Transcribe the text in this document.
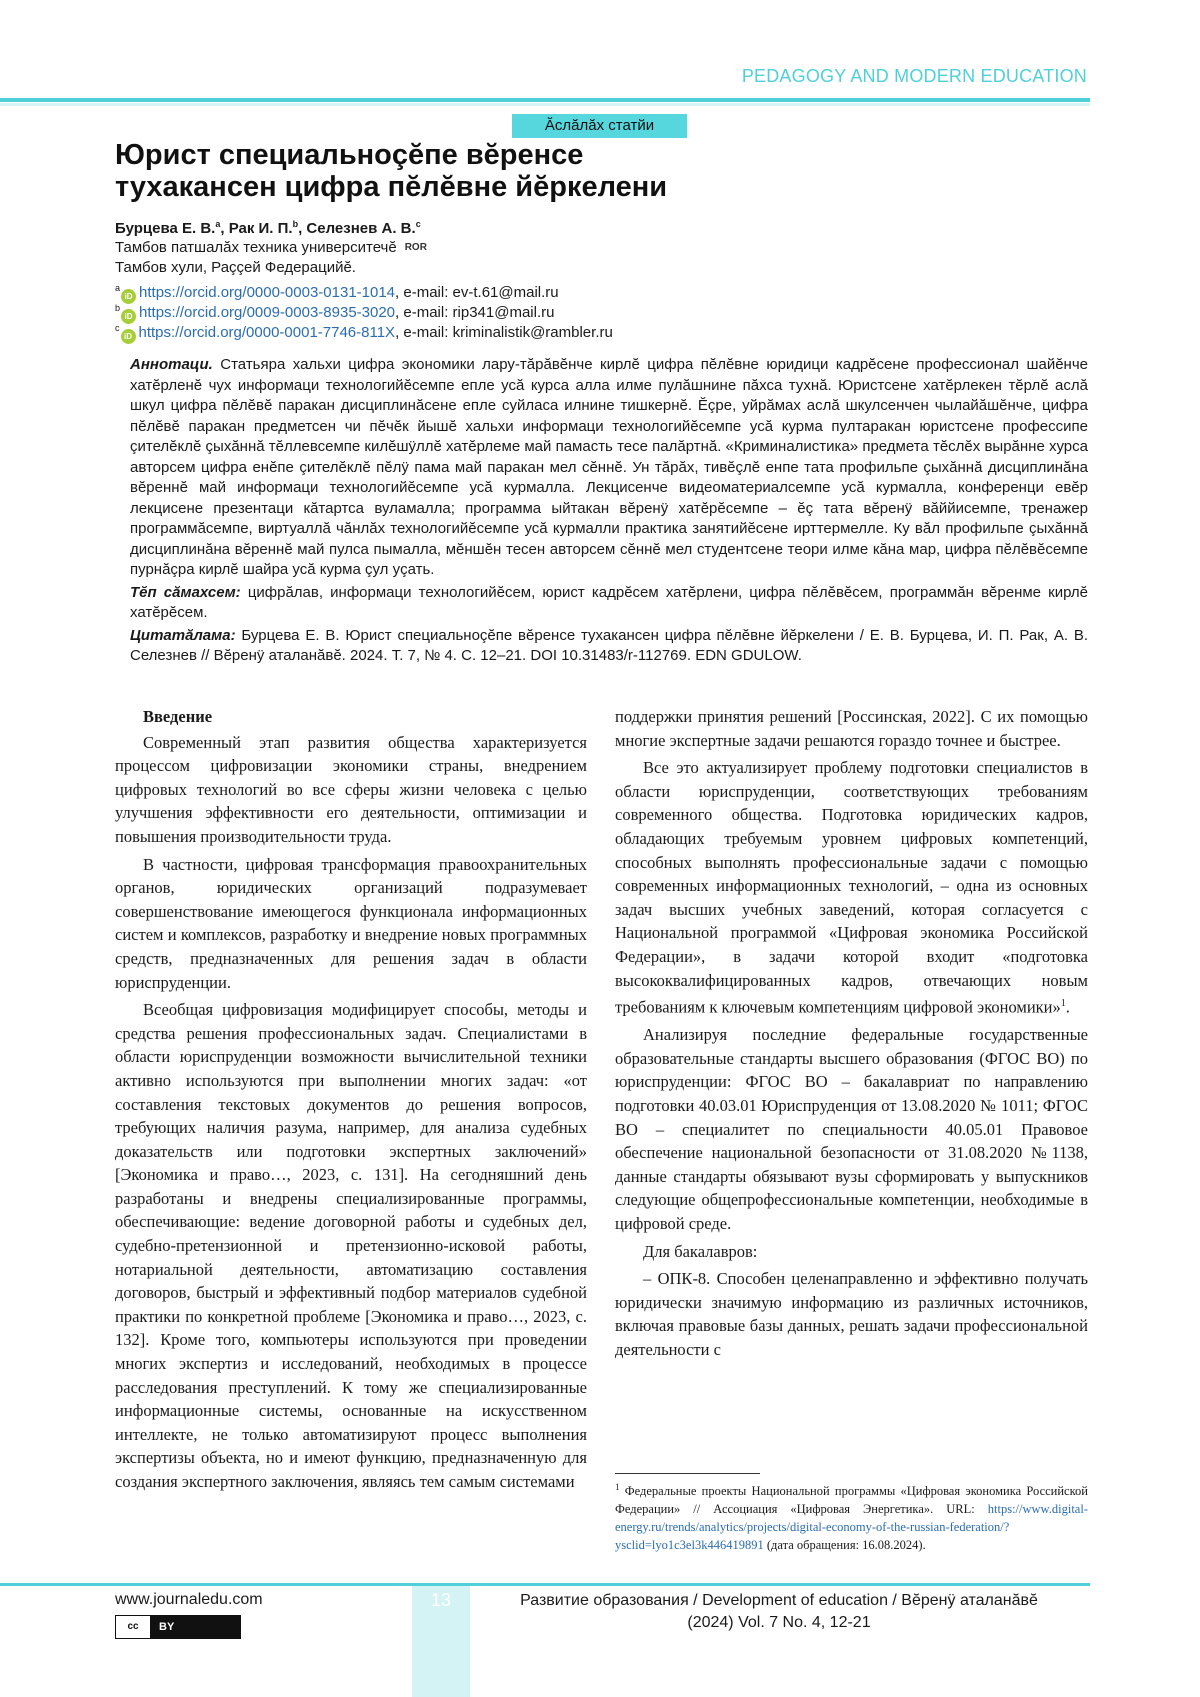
PEDAGOGY AND MODERN EDUCATION
Ăслăлăх статйи
Юрист специальноçĕпе вĕренсе
тухакансен цифра пĕлĕвне йĕркелени
Бурцева Е. В.a, Рак И. П.b, Селезнев А. В.c
Тамбов патшалăх техника университечĕ ROR
Тамбов хули, Раççей Федерацийĕ.
aiD https://orcid.org/0000-0003-0131-1014, e-mail: ev-t.61@mail.ru
biD https://orcid.org/0009-0003-8935-3020, e-mail: rip341@mail.ru
ciD https://orcid.org/0000-0001-7746-811X, e-mail: kriminalistik@rambler.ru

Аннотаци. Статьяра хальхи цифра экономики лару-тăрăвĕнче кирлĕ цифра пĕлĕвне юридици кадрĕсене профессионал шайĕнче хатĕрленĕ чух информаци технологийĕсемпе епле усă курса алла илме пулăшнине пăхса тухнă. Юристсене хатĕрлекен тĕрлĕ аслă шкул цифра пĕлĕвĕ паракан дисциплинăсене епле суйласа илнине тишкернĕ. Ĕçре, уйрăмах аслă шкулсенчен чылайăшĕнче, цифра пĕлĕвĕ паракан предметсен чи пĕчĕк йышĕ хальхи информаци технологийĕсемпе усă курма пултаракан юристсене професси­пе çителĕклĕ çыхăннă тĕллевсемпе килĕшÿллĕ хатĕрлеме май памасть тесе палăртнă. «Криминалистика» предмета тĕслĕх вырăнне хурса авторсем цифра енĕпе çителĕклĕ пĕлÿ пама май паракан мел сĕннĕ. Ун тăрăх, тивĕçлĕ енпе тата профильпе çыхăннă дисциплинăна вĕреннĕ май информаци технологийĕсемпе усă курмалла. Лекцисенче видеоматериалсемпе усă курмалла, конференци евĕр лекцисене презентаци кăтартса вуламалла; программа ыйтакан вĕренÿ хатĕрĕсемпе – ĕç тата вĕренÿ вăййисемпе, тренажер программăсемпе, виртуаллă чăнлăх технологийĕсемпе усă курмалли практика занятийĕсене ирттермелле. Ку вăл профильпе çыхăннă дисциплинăна вĕреннĕ май пулса пымалла, мĕншĕн тесен авторсем сĕннĕ мел студентсене теори илме кăна мар, цифра пĕлĕвĕсемпе пурнăçра кирлĕ шайра усă курма çул уçать.

Тĕп сăмахсем: цифрăлав, информаци технологийĕсем, юрист кадрĕсем хатĕрлени, цифра пĕлĕвĕсем, программăн вĕренме кирлĕ хатĕрĕсем.

Цитатăлама: Бурцева Е. В. Юрист специальноçĕпе вĕренсе тухакансен цифра пĕлĕвне йĕркелени / Е. В. Бурцева, И. П. Рак, А. В. Селезнев // Вĕренÿ аталанăвĕ. 2024. Т. 7, № 4. С. 12–21. DOI 10.31483/r-112769. EDN GDULOW.

Введение

Современный этап развития общества характеризуется процессом цифровизации экономики страны, внедрением цифровых технологий во все сферы жизни человека с целью улучшения эффективности его деятельности, оптимизации и повышения производительности труда.

В частности, цифровая трансформация правоохранительных органов, юридических организаций подразумевает совершенствование имеющегося функционала информационных систем и комплексов, разработку и внедрение новых программных средств, предназначенных для решения задач в области юриспруденции.

Всеобщая цифровизация модифицирует способы, методы и средства решения профессиональных задач. Специалистами в области юриспруденции возможности вычислительной техники активно используются при выполнении многих задач: «от составления текстовых документов до решения вопросов, требующих наличия разума, например, для анализа судебных доказательств или подготовки экспертных заключений» [Экономика и право…, 2023, с. 131]. На сегодняшний день разработаны и внедрены специализированные программы, обеспечивающие: ведение договорной работы и судебных дел, судебно-претензионной и претензионно-исковой работы, нотариальной деятельности, автоматизацию составления договоров, быстрый и эффективный подбор материалов судебной практики по конкретной проблеме [Экономика и право…, 2023, с. 132]. Кроме того, компьютеры используются при проведении многих экспертиз и исследований, необходимых в процессе расследования преступлений. К тому же специализированные информационные системы, основанные на искусственном интеллекте, не только автоматизируют процесс выполнения экспертизы объекта, но и имеют функцию, предназначенную для создания экспертного заключения, являясь тем самым системами

поддержки принятия решений [Россинская, 2022]. С их помощью многие экспертные задачи решаются гораздо точнее и быстрее.

Все это актуализирует проблему подготовки специалистов в области юриспруденции, соответствующих требованиям современного общества. Подготовка юридических кадров, обладающих требуемым уровнем цифровых компетенций, способных выполнять профессиональные задачи с помощью современных информационных технологий, – одна из основных задач высших учебных заведений, которая согласуется с Национальной программой «Цифровая экономика Российской Федерации», в задачи которой входит «подготовка высококвалифицированных кадров, отвечающих новым требованиям к ключевым компетенциям цифровой экономики»1.

Анализируя последние федеральные государственные образовательные стандарты высшего образования (ФГОС ВО) по юриспруденции: ФГОС ВО – бакалавриат по направлению подготовки 40.03.01 Юриспруденция от 13.08.2020 № 1011; ФГОС ВО – специалитет по специальности 40.05.01 Правовое обеспечение национальной безопасности от 31.08.2020 №1138, данные стандарты обязывают вузы сформировать у выпускников следующие общепрофессиональные компетенции, необходимые в цифровой среде.

Для бакалавров:

– ОПК-8. Способен целенаправленно и эффективно получать юридически значимую информацию из различных источников, включая правовые базы данных, решать задачи профессиональной деятельности с

1 Федеральные проекты Национальной программы «Цифровая экономика Российской Федерации» // Ассоциация «Цифровая Энергетика». URL: https://www.digital-energy.ru/trends/analytics/projects/digital-economy-of-the-russian-federation/?ysclid=lyo1c3el3k446419891 (дата обращения: 16.08.2024).
13
www.journaledu.com
cc	BY
Развитие образования / Development of education / Вĕренÿ аталанăвĕ
(2024) Vol. 7 No. 4, 12-21
